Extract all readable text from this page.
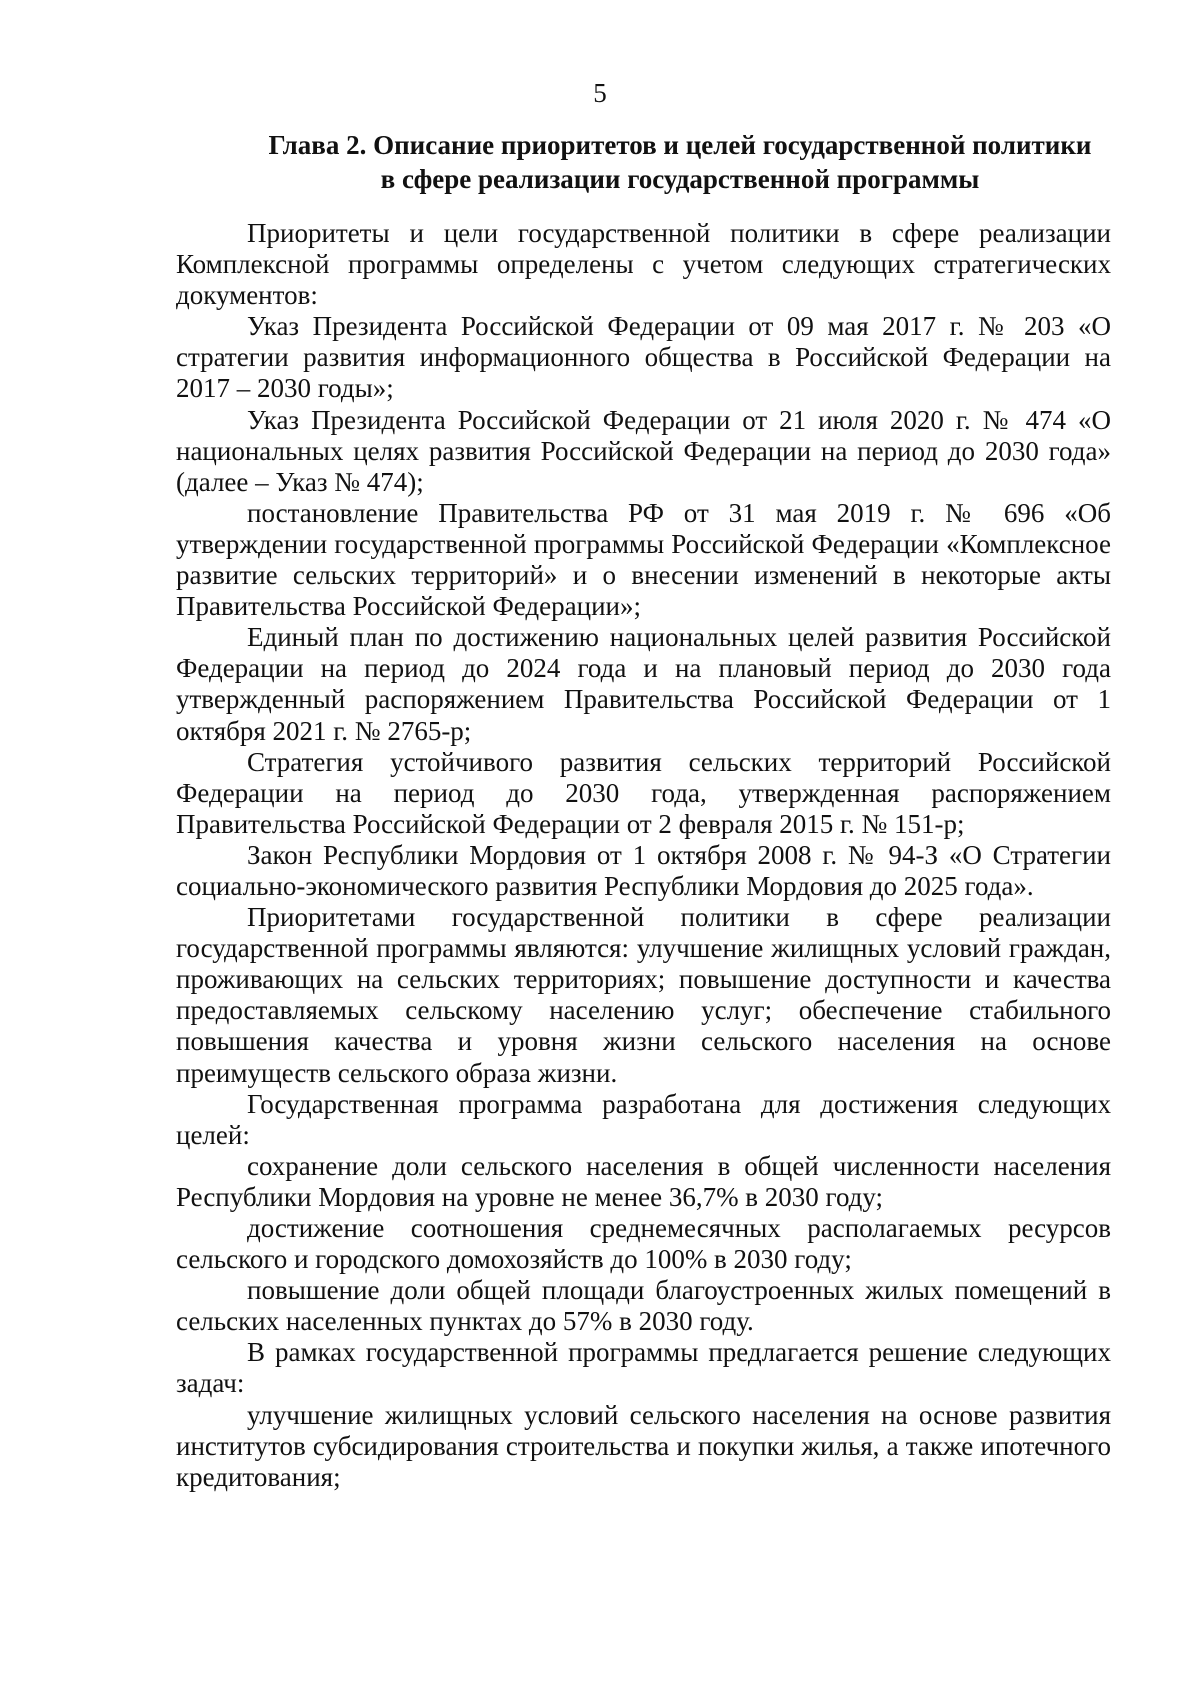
5
Глава 2. Описание приоритетов и целей государственной политики
в сфере реализации государственной программы

Приоритеты и цели государственной политики в сфере реализации Комплексной программы определены с учетом следующих стратегических документов:

Указ Президента Российской Федерации от 09 мая 2017 г. № 203 «О стратегии развития информационного общества в Российской Федерации на 2017 – 2030 годы»;

Указ Президента Российской Федерации от 21 июля 2020 г. № 474 «О национальных целях развития Российской Федерации на период до 2030 года» (далее – Указ № 474);

постановление Правительства РФ от 31 мая 2019 г. № 696 «Об утверждении государственной программы Российской Федерации «Комплексное развитие сельских территорий» и о внесении изменений в некоторые акты Правительства Российской Федерации»;

Единый план по достижению национальных целей развития Российской Федерации на период до 2024 года и на плановый период до 2030 года утвержденный распоряжением Правительства Российской Федерации от 1 октября 2021 г. № 2765-р;

Стратегия устойчивого развития сельских территорий Российской Федерации на период до 2030 года, утвержденная распоряжением Правительства Российской Федерации от 2 февраля 2015 г. № 151-р;

Закон Республики Мордовия от 1 октября 2008 г. № 94-З «О Стратегии социально-экономического развития Республики Мордовия до 2025 года».

Приоритетами государственной политики в сфере реализации государственной программы являются: улучшение жилищных условий граждан, проживающих на сельских территориях; повышение доступности и качества предоставляемых сельскому населению услуг; обеспечение стабильного повышения качества и уровня жизни сельского населения на основе преимуществ сельского образа жизни.

Государственная программа разработана для достижения следующих целей:

сохранение доли сельского населения в общей численности населения Республики Мордовия на уровне не менее 36,7% в 2030 году;

достижение соотношения среднемесячных располагаемых ресурсов сельского и городского домохозяйств до 100% в 2030 году;

повышение доли общей площади благоустроенных жилых помещений в сельских населенных пунктах до 57% в 2030 году.

В рамках государственной программы предлагается решение следующих задач:

улучшение жилищных условий сельского населения на основе развития институтов субсидирования строительства и покупки жилья, а также ипотечного кредитования;
